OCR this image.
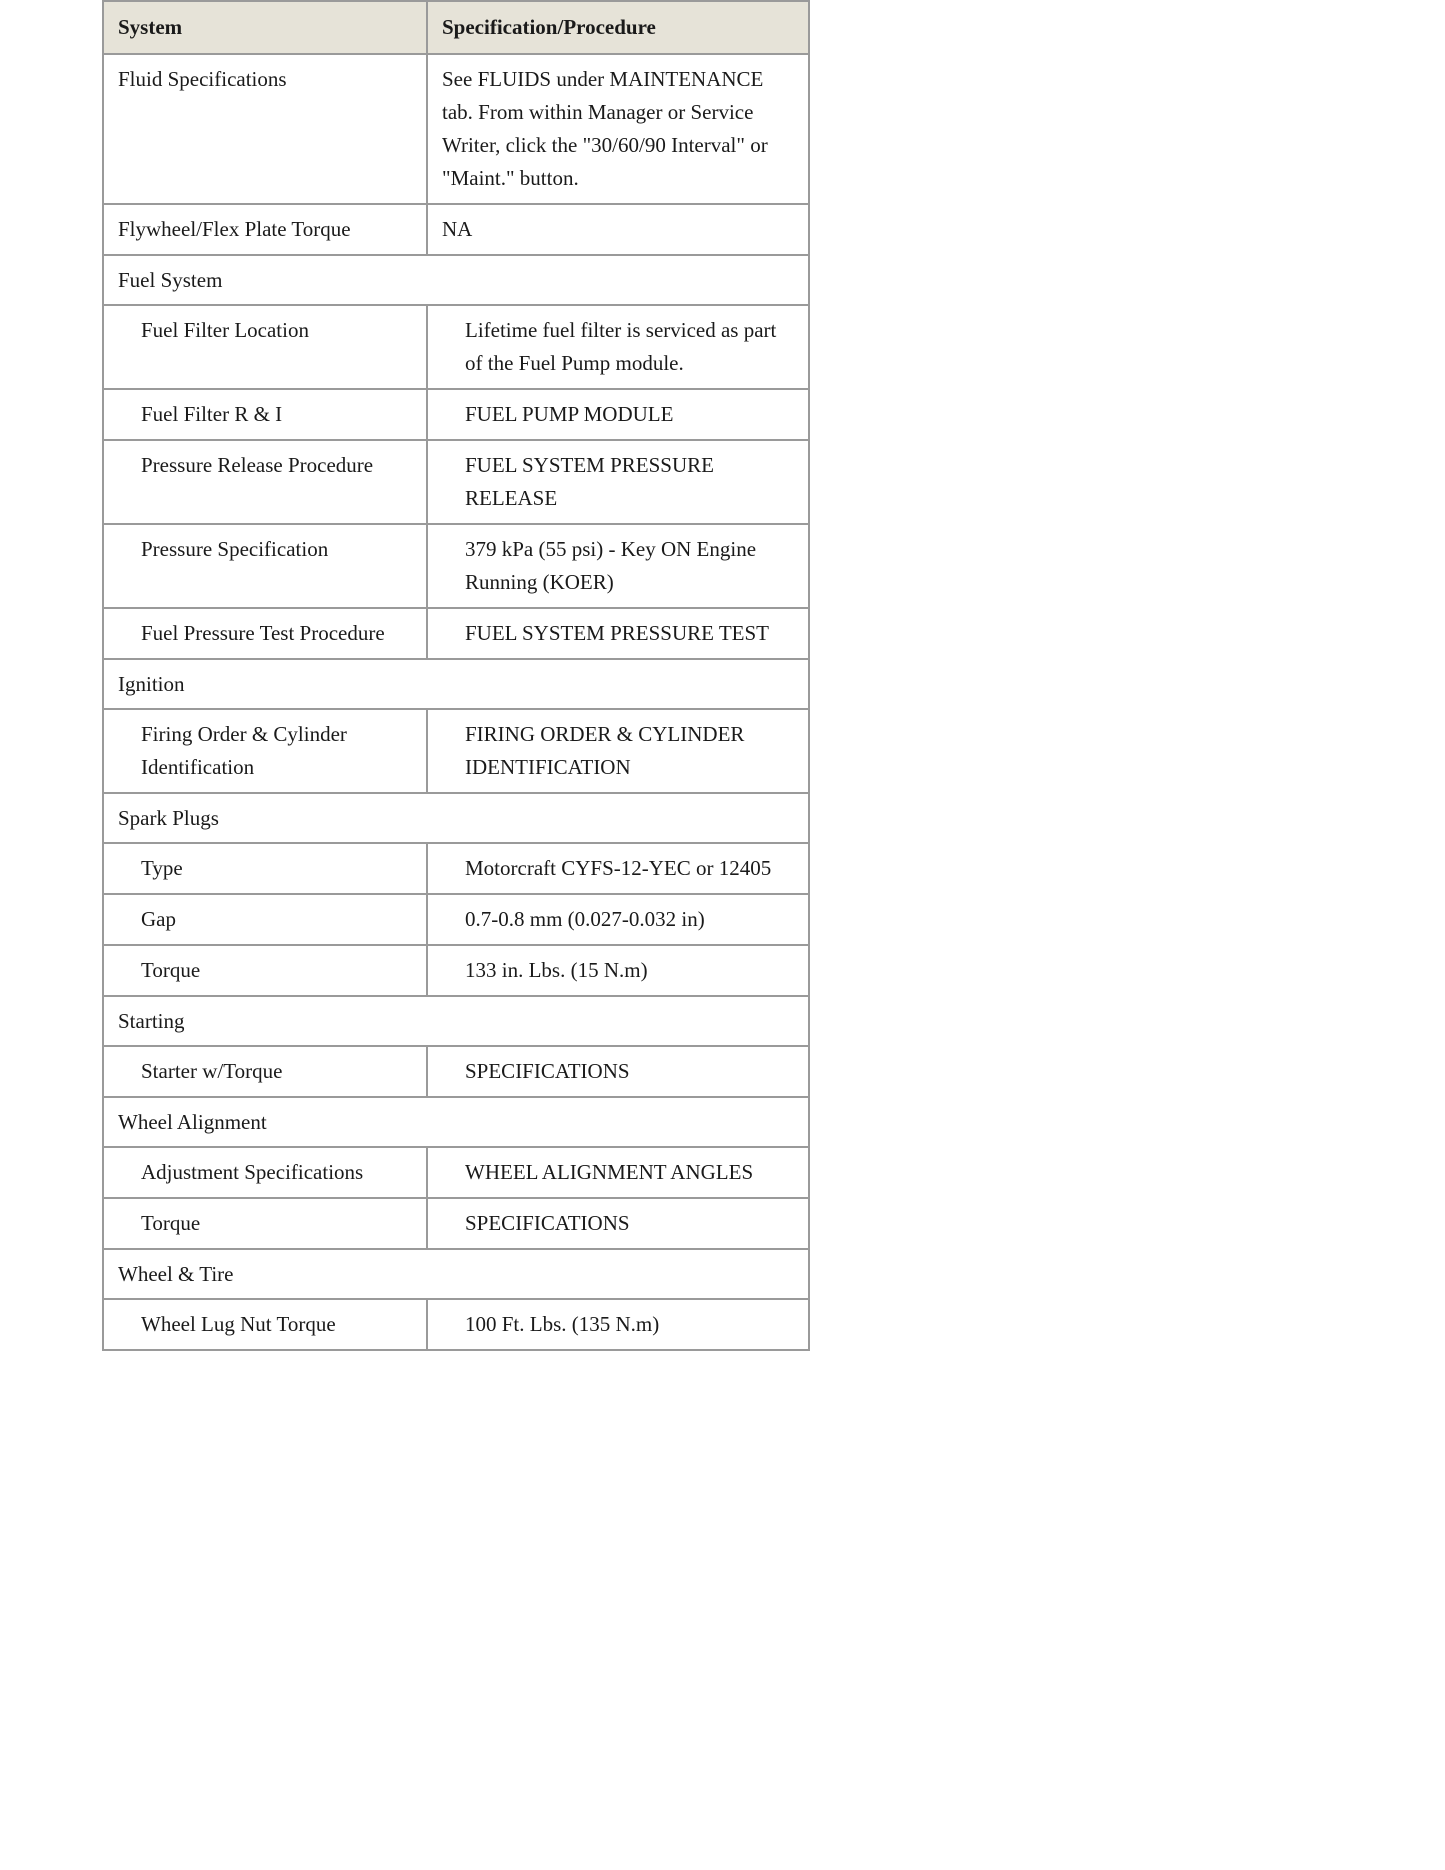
System	Specification/Procedure
Fluid Specifications	See FLUIDS under MAINTENANCE tab. From within Manager or Service Writer, click the "30/60/90 Interval" or "Maint." button.
Flywheel/Flex Plate Torque	NA
Fuel System	
Fuel Filter Location	Lifetime fuel filter is serviced as part of the Fuel Pump module.
Fuel Filter R & I	FUEL PUMP MODULE
Pressure Release Procedure	FUEL SYSTEM PRESSURE RELEASE
Pressure Specification	379 kPa (55 psi) - Key ON Engine Running (KOER)
Fuel Pressure Test Procedure	FUEL SYSTEM PRESSURE TEST
Ignition	
Firing Order & Cylinder Identification	FIRING ORDER & CYLINDER IDENTIFICATION
Spark Plugs	
Type	Motorcraft CYFS-12-YEC or 12405
Gap	0.7-0.8 mm (0.027-0.032 in)
Torque	133 in. Lbs. (15 N.m)
Starting	
Starter w/Torque	SPECIFICATIONS
Wheel Alignment	
Adjustment Specifications	WHEEL ALIGNMENT ANGLES
Torque	SPECIFICATIONS
Wheel & Tire	
Wheel Lug Nut Torque	100 Ft. Lbs. (135 N.m)
